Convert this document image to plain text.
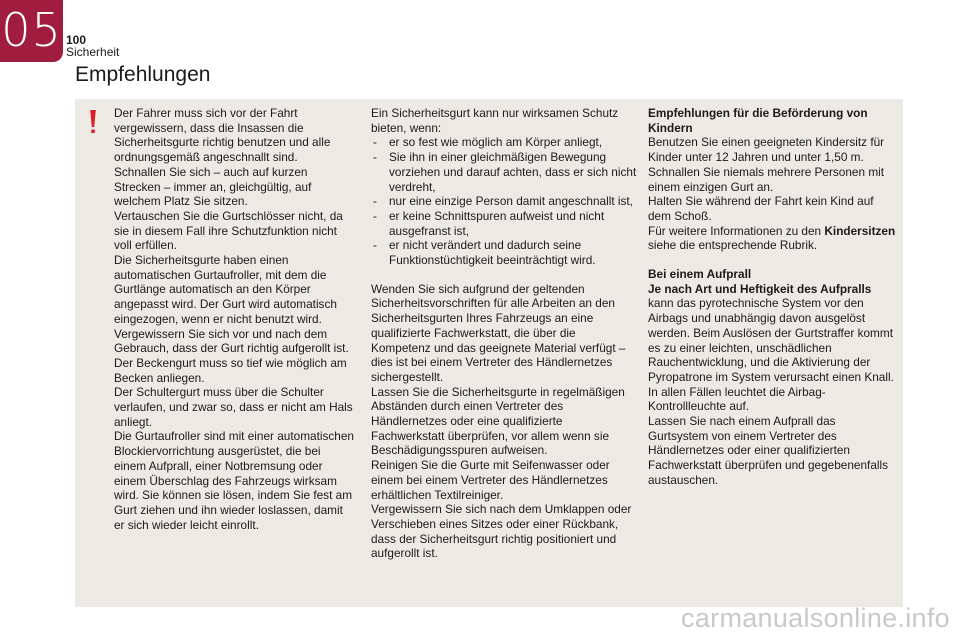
05 100
Sicherheit
Empfehlungen

Der Fahrer muss sich vor der Fahrt vergewissern, dass die Insassen die Sicherheitsgurte richtig benutzen und alle ordnungsgemäß angeschnallt sind.
Schnallen Sie sich – auch auf kurzen Strecken – immer an, gleichgültig, auf welchem Platz Sie sitzen.
Vertauschen Sie die Gurtschlösser nicht, da sie in diesem Fall ihre Schutzfunktion nicht voll erfüllen.
Die Sicherheitsgurte haben einen automatischen Gurtaufroller, mit dem die Gurtlänge automatisch an den Körper angepasst wird. Der Gurt wird automatisch eingezogen, wenn er nicht benutzt wird.
Vergewissern Sie sich vor und nach dem Gebrauch, dass der Gurt richtig aufgerollt ist.
Der Beckengurt muss so tief wie möglich am Becken anliegen.
Der Schultergurt muss über die Schulter verlaufen, und zwar so, dass er nicht am Hals anliegt.
Die Gurtaufroller sind mit einer automatischen Blockiervorrichtung ausgerüstet, die bei einem Aufprall, einer Notbremsung oder einem Überschlag des Fahrzeugs wirksam wird. Sie können sie lösen, indem Sie fest am Gurt ziehen und ihn wieder loslassen, damit er sich wieder leicht einrollt.

Ein Sicherheitsgurt kann nur wirksamen Schutz bieten, wenn:

- er so fest wie möglich am Körper anliegt,
- Sie ihn in einer gleichmäßigen Bewegung vorziehen und darauf achten, dass er sich nicht verdreht,
- nur eine einzige Person damit angeschnallt ist,
- er keine Schnittspuren aufweist und nicht ausgefranst ist,
- er nicht verändert und dadurch seine Funktionstüchtigkeit beeinträchtigt wird.

Wenden Sie sich aufgrund der geltenden Sicherheitsvorschriften für alle Arbeiten an den Sicherheitsgurten Ihres Fahrzeugs an eine qualifizierte Fachwerkstatt, die über die Kompetenz und das geeignete Material verfügt – dies ist bei einem Vertreter des Händlernetzes sichergestellt.
Lassen Sie die Sicherheitsgurte in regelmäßigen Abständen durch einen Vertreter des Händlernetzes oder eine qualifizierte Fachwerkstatt überprüfen, vor allem wenn sie Beschädigungsspuren aufweisen.
Reinigen Sie die Gurte mit Seifenwasser oder einem bei einem Vertreter des Händlernetzes erhältlichen Textilreiniger.
Vergewissern Sie sich nach dem Umklappen oder Verschieben eines Sitzes oder einer Rückbank, dass der Sicherheitsgurt richtig positioniert und aufgerollt ist.

Empfehlungen für die Beförderung von Kindern

Benutzen Sie einen geeigneten Kindersitz für Kinder unter 12 Jahren und unter 1,50 m.
Schnallen Sie niemals mehrere Personen mit einem einzigen Gurt an.
Halten Sie während der Fahrt kein Kind auf dem Schoß.

Für weitere Informationen zu den Kindersitzen siehe die entsprechende Rubrik.

Bei einem Aufprall

Je nach Art und Heftigkeit des Aufpralls kann das pyrotechnische System vor den Airbags und unabhängig davon ausgelöst werden. Beim Auslösen der Gurtstraffer kommt es zu einer leichten, unschädlichen Rauchentwicklung, und die Aktivierung der Pyropatrone im System verursacht einen Knall.

In allen Fällen leuchtet die Airbag-Kontrollleuchte auf.
Lassen Sie nach einem Aufprall das Gurtsystem von einem Vertreter des Händlernetzes oder einer qualifizierten Fachwerkstatt überprüfen und gegebenenfalls austauschen.

carmanualsonline.info
